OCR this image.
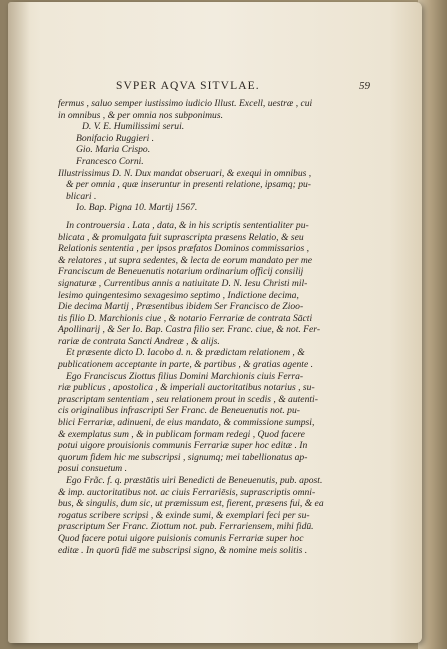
SVPER AQVA SITVLAE.	59
fermus , saluo semper iustissimo iudicio Illust. Excell, uestræ , cui
in omnibus , & per omnia nos subponimus.
D. V. E. Humilissimi serui.
Bonifacio Ruggieri .
Gio. Maria Crispo.
Francesco Corni.
Illustrissimus D. N. Dux mandat obseruari, & exequi in omnibus ,
& per omnia , quæ inseruntur in presenti relatione, ipsamq; pu-
blicari .
Io. Bap. Pigna 10. Martij 1567.
In controuersia . Lata , data, & in his scriptis sententialiter pu-
blicata , & promulgata fuit suprascripta præsens Relatio, & seu
Relationis sententia , per ipsos præfatos Dominos commissarios ,
& relatores , ut supra sedentes, & lecta de eorum mandato per me
Franciscum de Beneuenutis notarium ordinarium officij consilij
signaturæ , Currentibus annis a natiuitate D. N. Iesu Christi mil-
lesimo quingentesimo sexagesimo septimo , Indictione decima,
Die decima Martij , Præsentibus ibidem Ser Francisco de Zioo-
tis filio D. Marchionis ciue , & notario Ferrariæ de contrata Sācti
Apollinarij , & Ser Io. Bap. Castra filio ser. Franc. ciue, & not. Fer-
rariæ de contrata Sancti Andreæ , & alijs.
Et præsente dicto D. Iacobo d. n. & prædictam relationem , &
publicationem acceptante in parte, & partibus , & gratias agente .
Ego Franciscus Ziottus filius Domini Marchionis ciuis Ferra-
riæ publicus , apostolica , & imperiali auctoritatibus notarius , su-
prascriptam sententiam , seu relationem prout in scedis , & autenti-
cis originalibus infrascripti Ser Franc. de Beneuenutis not. pu-
blici Ferrariæ, adinueni, de eius mandato, & commissione sumpsi,
& exemplatus sum , & in publicam formam redegi , Quod facere
potui uigore prouisionis communis Ferrariæ super hoc editæ . In
quorum fidem hic me subscripsi , signumq; mei tabellionatus ap-
posui consuetum .
Ego Frãc. f. q. præstātis uiri Benedicti de Beneuenutis, pub. apost.
& imp. auctoritatibus not. ac ciuis Ferrariēsis, suprascriptis omni-
bus, & singulis, dum sic, ut præmissum est, fierent, præsens fui, & ea
rogatus scribere scripsi , & exinde sumi, & exemplari feci per su-
prascriptum Ser Franc. Ziottum not. pub. Ferrariensem, mihi fidū.
Quod facere potui uigore puisionis comunis Ferrariæ super hoc
editæ . In quorū fidē me subscripsi signo, & nomine meis solitis .
